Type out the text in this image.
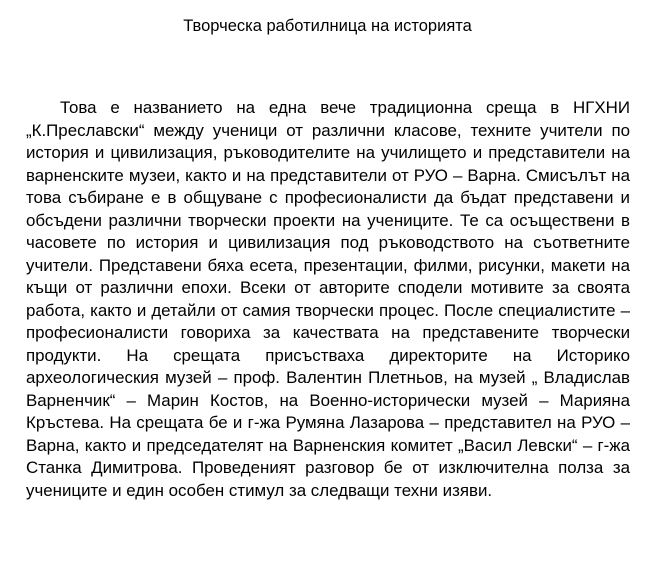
Творческа работилница на историята

Това е названието на една вече традиционна среща в НГХНИ „К.Преславски“ между ученици от различни класове, техните учители по история и цивилизация, ръководителите на училището и представители на варненските музеи, както и на представители от РУО – Варна. Смисълът на това събиране е в общуване с професионалисти да бъдат представени и обсъдени различни творчески проекти на учениците. Те са осъществени в часовете по история и цивилизация под ръководството на съответните учители. Представени бяха есета, презентации, филми, рисунки, макети на къщи от различни епохи. Всеки от авторите сподели мотивите за своята работа, както и детайли от самия творчески процес. После специалистите – професионалисти говориха за качествата на представените творчески продукти. На срещата присъстваха директорите на Историко археологическия музей – проф. Валентин Плетньов, на музей „ Владислав Варненчик“ – Марин Костов, на Военно-исторически музей – Марияна Кръстева. На срещата бе и г-жа Румяна Лазарова – представител на РУО – Варна, както и председателят на Варненския комитет „Васил Левски“ – г-жа Станка Димитрова. Проведеният разговор бе от изключителна полза за учениците и един особен стимул за следващи техни изяви.
